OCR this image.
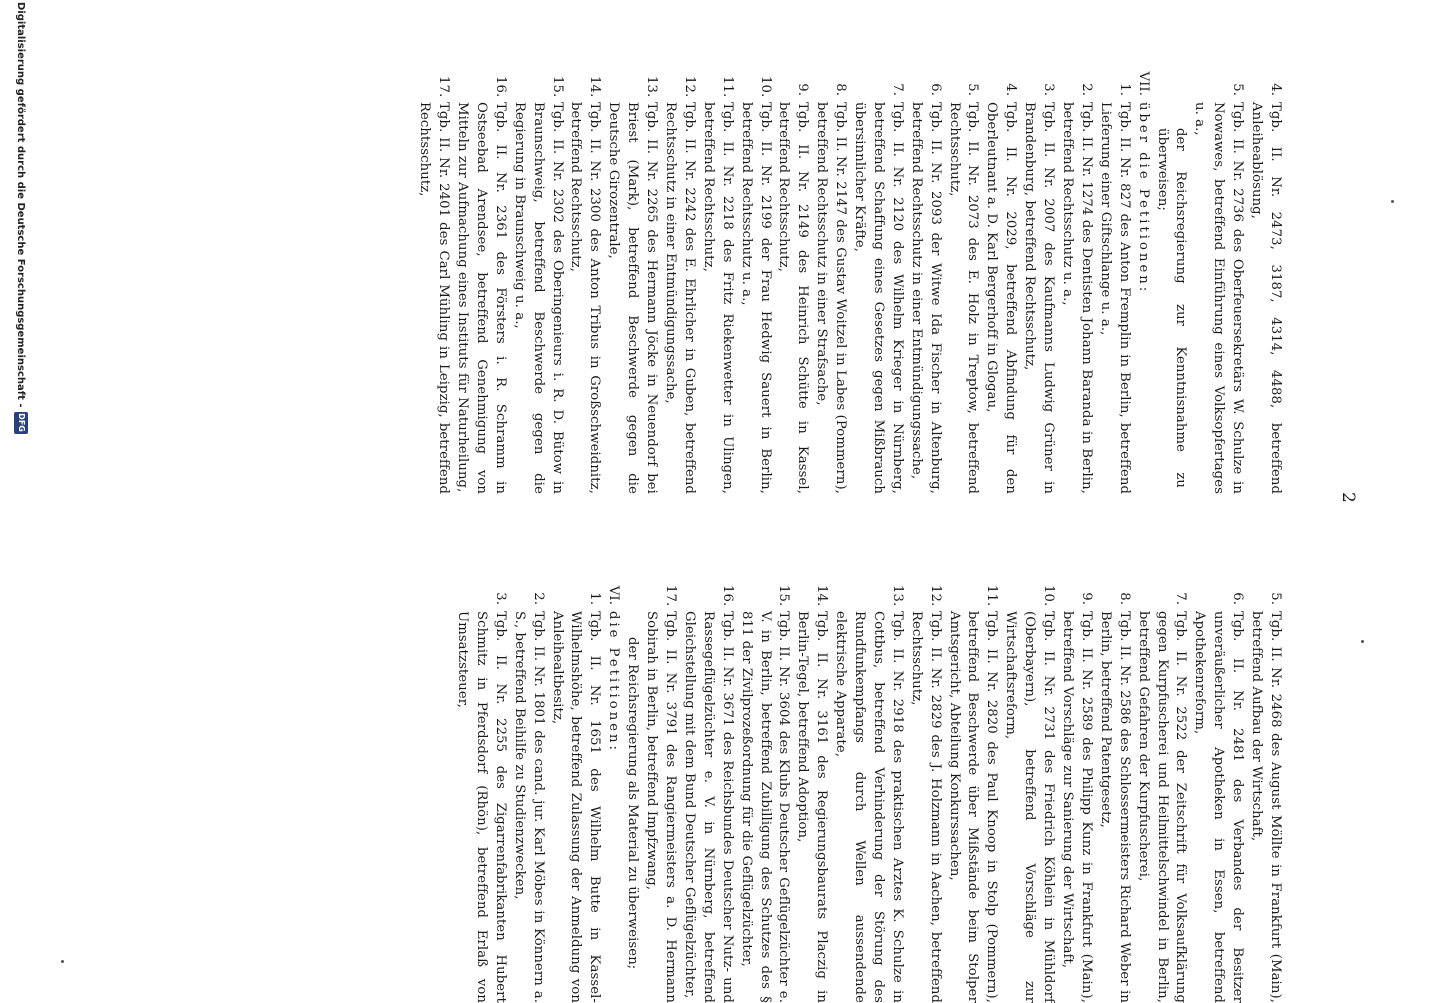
2
4.
Tgb. II. Nr. 2473, 3187, 4314, 4488, betreffend Anleiheablösung,
5.
Tgb. II. Nr. 2736 des Oberfeuersekretärs W. Schulze in Nowawes, betreffend Einführung eines Volksopfertages u. a.,
der Reichsregierung zur Kenntnisnahme zu überweisen;
VII.
über die Petitionen:
1.
Tgb. II. Nr. 827 des Anton Fremplin in Berlin, betreffend Lieferung einer Giftschlange u. a.,
2.
Tgb. II. Nr. 1274 des Dentisten Johann Baranda in Berlin, betreffend Rechtsschutz u. a.,
3.
Tgb. II. Nr. 2007 des Kaufmanns Ludwig Grüner in Brandenburg, betreffend Rechtsschutz,
4.
Tgb. II. Nr. 2029, betreffend Abfindung für den Oberleutnant a. D. Karl Bergerhoff in Glogau,
5.
Tgb. II. Nr. 2073 des E. Holz in Treptow, betreffend Rechtsschutz,
6.
Tgb. II. Nr. 2093 der Witwe Ida Fischer in Altenburg, betreffend Rechtsschutz in einer Entmündigungssache,
7.
Tgb. II. Nr. 2120 des Wilhelm Krieger in Nürnberg, betreffend Schaffung eines Gesetzes gegen Mißbrauch übersinnlicher Kräfte,
8.
Tgb. II. Nr. 2147 des Gustav Woitzel in Labes (Pommern), betreffend Rechtsschutz in einer Strafsache,
9.
Tgb. II. Nr. 2149 des Heinrich Schütte in Kassel, betreffend Rechtsschutz,
10.
Tgb. II. Nr. 2199 der Frau Hedwig Sauert in Berlin, betreffend Rechtsschutz u. a.,
11.
Tgb. II. Nr. 2218 des Fritz Riekenwetter in Ulingen, betreffend Rechtsschutz,
12.
Tgb. II. Nr. 2242 des E. Ehrlicher in Guben, betreffend Rechtsschutz in einer Entmündigungssache,
13.
Tgb. II. Nr. 2265 des Hermann Jöcke in Neuendorf bei Briest (Mark), betreffend Beschwerde gegen die Deutsche Girozentrale,
14.
Tgb. II. Nr. 2300 des Anton Tribus in Großschweidnitz, betreffend Rechtsschutz,
15.
Tgb. II. Nr. 2302 des Oberingenieurs i. R. D. Bütow in Braunschweig, betreffend Beschwerde gegen die Regierung in Braunschweig u. a.,
16.
Tgb. II. Nr. 2361 des Försters i. R. Schramm in Ostseebad Arendsee, betreffend Genehmigung von Mitteln zur Aufmachung eines Instituts für Naturheilung,
17.
Tgb. II. Nr. 2401 des Carl Mühling in Leipzig, betreffend Rechtsschutz,
5.
Tgb. II. Nr. 2468 des August Möllte in Frankfurt (Main), betreffend Aufbau der Wirtschaft,
6.
Tgb. II. Nr. 2481 des Verbandes der Besitzer unveräußerlicher Apotheken in Essen, betreffend Apothekenreform,
7.
Tgb. II. Nr. 2522 der Zeitschrift für Volksaufklärung gegen Kurpfuscherei und Heilmittelschwindel in Berlin, betreffend Gefahren der Kurpfuscherei,
8.
Tgb. II. Nr. 2586 des Schlossermeisters Richard Weber in Berlin, betreffend Patentgesetz,
9.
Tgb. II. Nr. 2589 des Philipp Kunz in Frankfurt (Main), betreffend Vorschläge zur Sanierung der Wirtschaft,
10.
Tgb. II. Nr. 2731 des Friedrich Köhlein in Mühldorf (Oberbayern), betreffend Vorschläge zur Wirtschaftsreform,
11.
Tgb. II. Nr. 2820 des Paul Knoop in Stolp (Pommern), betreffend Beschwerde über Mißstände beim Stolper Amtsgericht, Abteilung Konkurssachen,
12.
Tgb. II. Nr. 2829 des J. Holzmann in Aachen, betreffend Rechtsschutz,
13.
Tgb. II. Nr. 2918 des praktischen Arztes K. Schulze in Cottbus, betreffend Verhinderung der Störung des Rundfunkempfangs durch Wellen aussendende elektrische Apparate,
14.
Tgb. II. Nr. 3161 des Regierungsbaurats Placzig in Berlin-Tegel, betreffend Adoption,
15.
Tgb. II. Nr. 3604 des Klubs Deutscher Geflügelzüchter e. V. in Berlin, betreffend Zubilligung des Schutzes des § 811 der Zivilprozeßordnung für die Geflügelzüchter,
16.
Tgb. II. Nr. 3671 des Reichsbundes Deutscher Nutz- und Rassegeflügelzüchter e. V. in Nürnberg, betreffend Gleichstellung mit dem Bund Deutscher Geflügelzüchter,
17.
Tgb. II. Nr. 3791 des Rangiermeisters a. D. Hermann Sobirah in Berlin, betreffend Impfzwang,
der Reichsregierung als Material zu überweisen;
VI.
die Petitionen:
1.
Tgb. II. Nr. 1651 des Wilhelm Butte in Kassel-Wilhelmshöhe, betreffend Zulassung der Anmeldung von Anleihealtbesitz,
2.
Tgb. II. Nr. 1801 des cand. jur. Karl Möbes in Könnern a. S., betreffend Beihilfe zu Studienzwecken,
3.
Tgb. II. Nr. 2255 des Zigarrenfabrikanten Hubert Schmitz in Pferdsdorf (Rhön), betreffend Erlaß von Umsatzsteuer,
Digitalisierung gefördert durch die Deutsche Forschungsgemeinschaft -
DFG
